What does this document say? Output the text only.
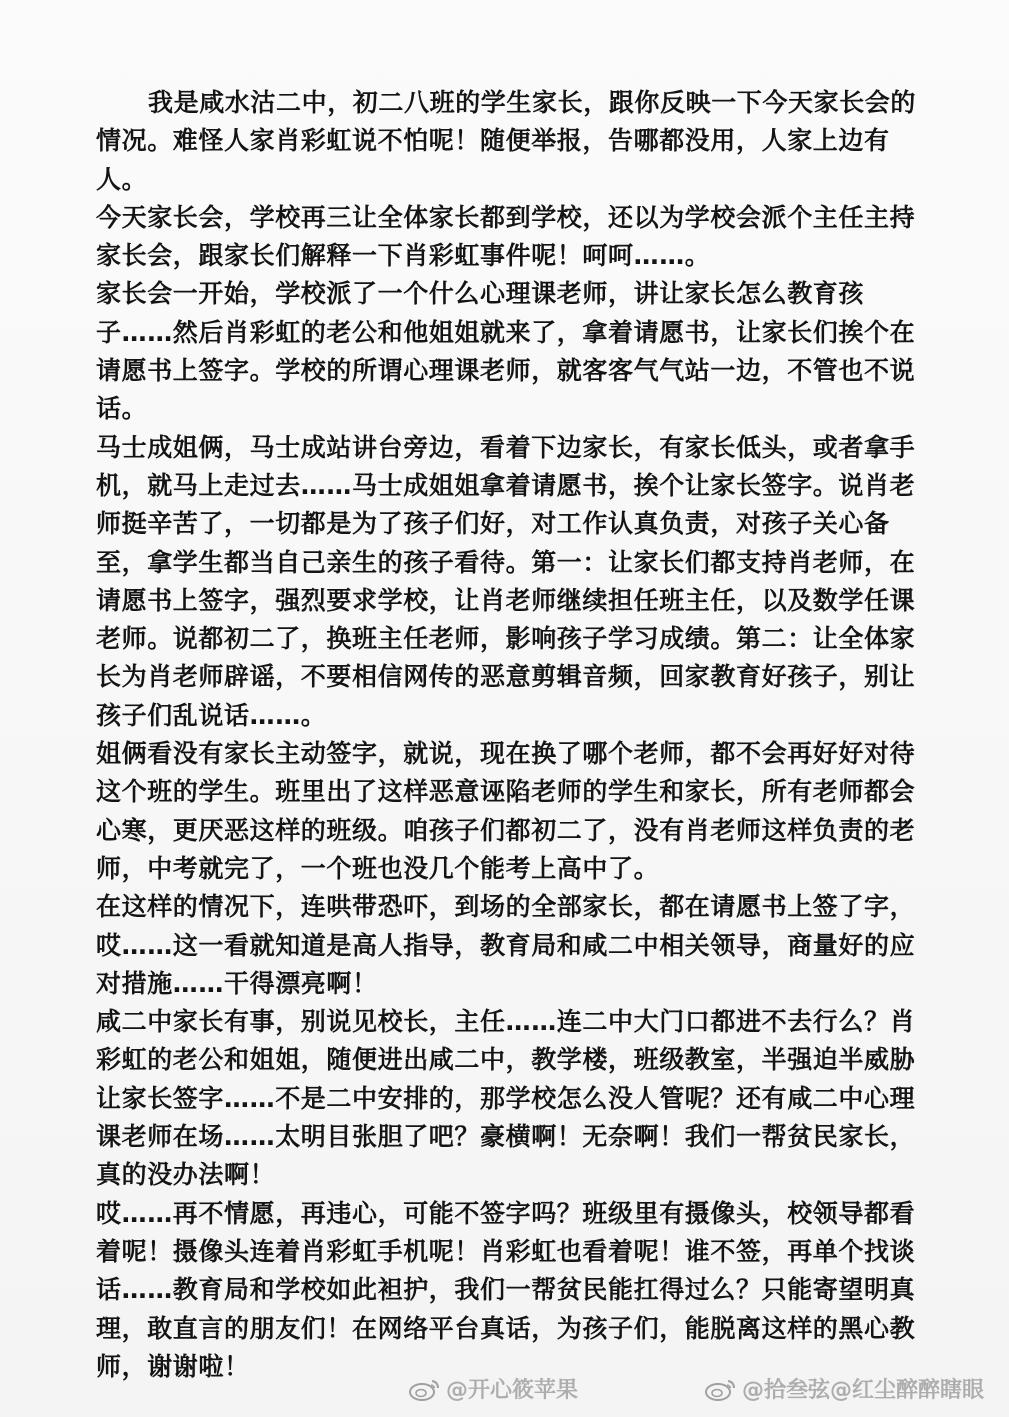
我是咸水沽二中，初二八班的学生家长，跟你反映一下今天家长会的情况。难怪人家肖彩虹说不怕呢！随便举报，告哪都没用，人家上边有人。

今天家长会，学校再三让全体家长都到学校，还以为学校会派个主任主持家长会，跟家长们解释一下肖彩虹事件呢！呵呵……。

家长会一开始，学校派了一个什么心理课老师，讲让家长怎么教育孩子……然后肖彩虹的老公和他姐姐就来了，拿着请愿书，让家长们挨个在请愿书上签字。学校的所谓心理课老师，就客客气气站一边，不管也不说话。

马士成姐俩，马士成站讲台旁边，看着下边家长，有家长低头，或者拿手机，就马上走过去……马士成姐姐拿着请愿书，挨个让家长签字。说肖老师挺辛苦了，一切都是为了孩子们好，对工作认真负责，对孩子关心备至，拿学生都当自己亲生的孩子看待。第一：让家长们都支持肖老师，在请愿书上签字，强烈要求学校，让肖老师继续担任班主任，以及数学任课老师。说都初二了，换班主任老师，影响孩子学习成绩。第二：让全体家长为肖老师辟谣，不要相信网传的恶意剪辑音频，回家教育好孩子，别让孩子们乱说话……。

姐俩看没有家长主动签字，就说，现在换了哪个老师，都不会再好好对待这个班的学生。班里出了这样恶意诬陷老师的学生和家长，所有老师都会心寒，更厌恶这样的班级。咱孩子们都初二了，没有肖老师这样负责的老师，中考就完了，一个班也没几个能考上高中了。

在这样的情况下，连哄带恐吓，到场的全部家长，都在请愿书上签了字，哎……这一看就知道是高人指导，教育局和咸二中相关领导，商量好的应对措施……干得漂亮啊！

咸二中家长有事，别说见校长，主任……连二中大门口都进不去行么？肖彩虹的老公和姐姐，随便进出咸二中，教学楼，班级教室，半强迫半威胁让家长签字……不是二中安排的，那学校怎么没人管呢？还有咸二中心理课老师在场……太明目张胆了吧？豪横啊！无奈啊！我们一帮贫民家长，真的没办法啊！

哎……再不情愿，再违心，可能不签字吗？班级里有摄像头，校领导都看着呢！摄像头连着肖彩虹手机呢！肖彩虹也看着呢！谁不签，再单个找谈话……教育局和学校如此袒护，我们一帮贫民能扛得过么？只能寄望明真理，敢直言的朋友们！在网络平台真话，为孩子们，能脱离这样的黑心教师，谢谢啦！

@开心筱苹果	@拾叁弦@红尘醉醉瞎眼
